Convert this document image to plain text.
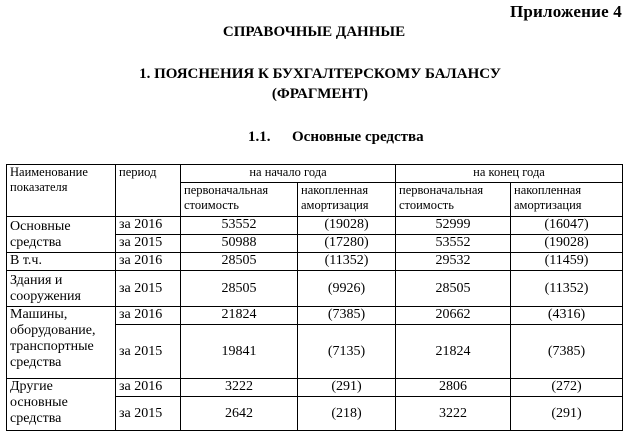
Приложение 4
СПРАВОЧНЫЕ ДАННЫЕ
1. ПОЯСНЕНИЯ К БУХГАЛТЕРСКОМУ БАЛАНСУ
(ФРАГМЕНТ)
1.1. Основные средства
Наименование показателя	период	на начало года		на конец года	
		первоначальная стоимость	накопленная амортизация	первоначальная стоимость	накопленная амортизация

Основные
средства	за 2016	53552	(19028)	52999	(16047)
	за 2015	50988	(17280)	53552	(19028)
В т.ч.	за 2016	28505	(11352)	29532	(11459)
Здания и сооружения	за 2015	28505	(9926)	28505	(11352)
Машины, оборудование, транспортные средства	за 2016	21824	(7385)	20662	(4316)
	за 2015	19841	(7135)	21824	(7385)
Другие основные средства	за 2016	3222	(291)	2806	(272)
	за 2015	2642	(218)	3222	(291)
